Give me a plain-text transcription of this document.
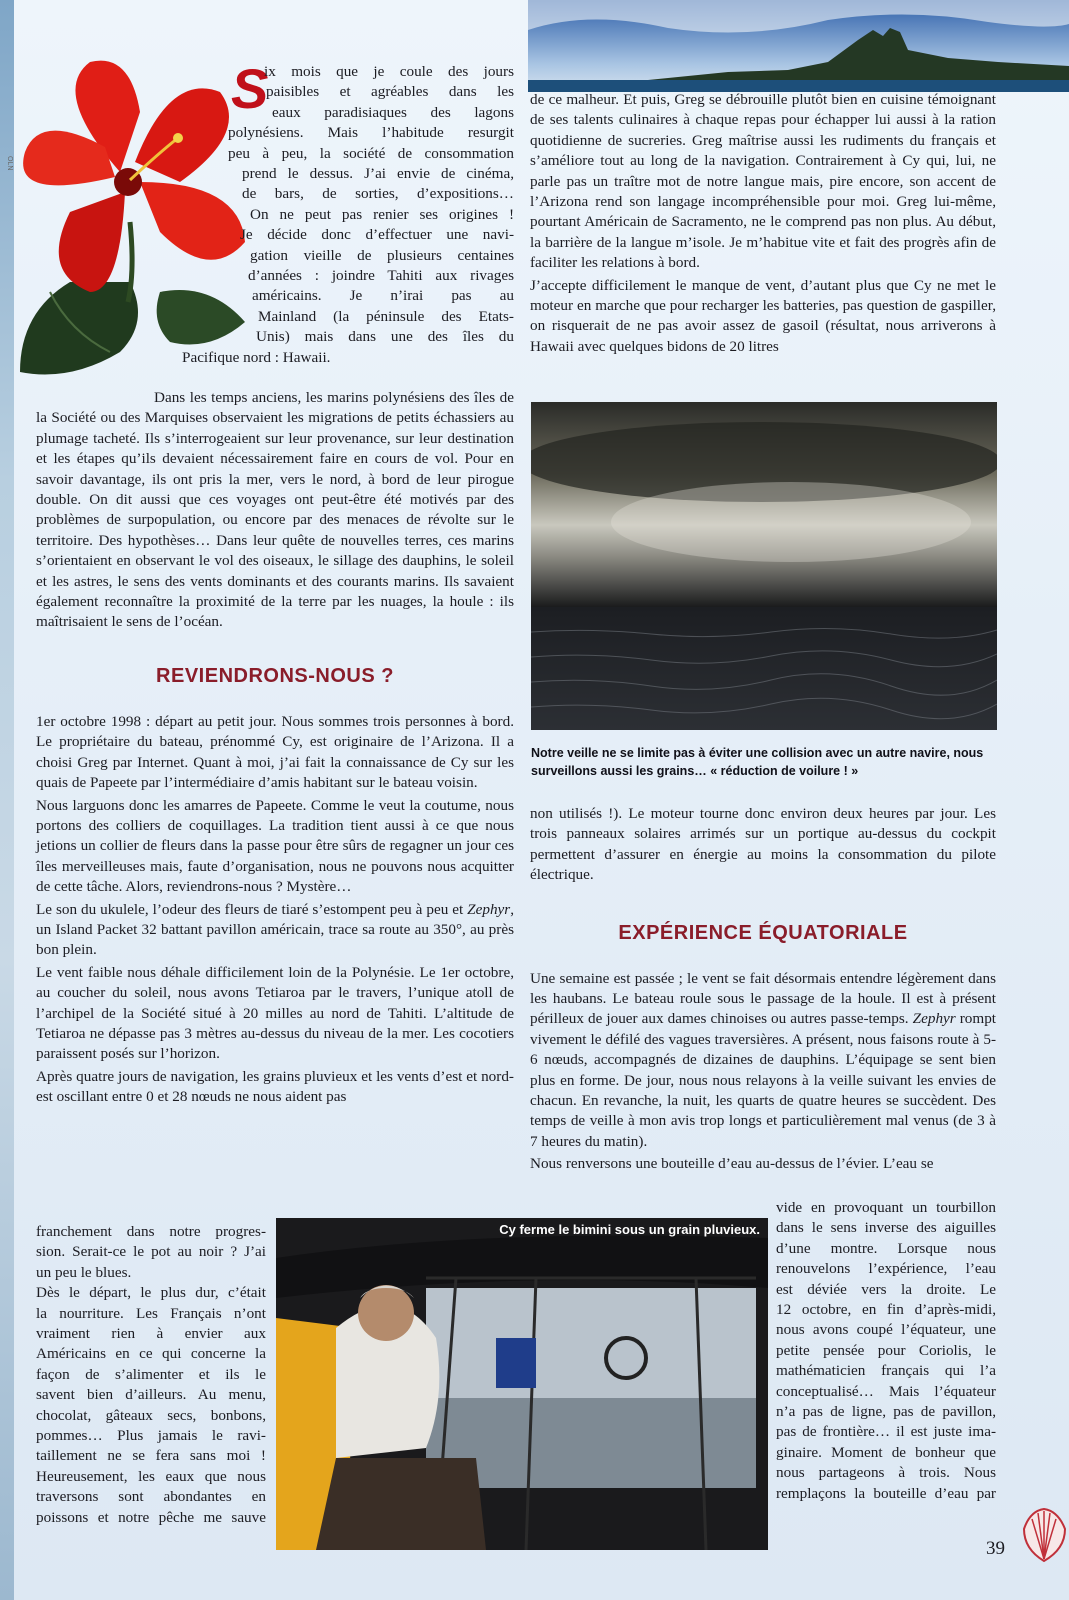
OLN
S
ix mois que je coule des jours
paisibles et agréables dans les
eaux paradisiaques des lagons
polynésiens. Mais l’habitude resurgit
peu à peu, la société de consommation
prend le dessus. J’ai envie de cinéma,
de bars, de sorties, d’expositions…
On ne peut pas renier ses origines !
Je décide donc d’effectuer une navi-
gation vieille de plusieurs centaines
d’années : joindre Tahiti aux rivages
américains. Je n’irai pas au
Mainland (la péninsule des Etats-
Unis) mais dans une des îles du
Pacifique nord : Hawaii.

Dans les temps anciens, les marins polynésiens des îles de la Société ou des Marquises observaient les migrations de petits échassiers au plumage tacheté. Ils s’interrogeaient sur leur provenance, sur leur destination et les étapes qu’ils devaient nécessairement faire en cours de vol. Pour en savoir davantage, ils ont pris la mer, vers le nord, à bord de leur pirogue double. On dit aussi que ces voyages ont peut-être été motivés par des problèmes de surpopulation, ou encore par des menaces de révolte sur le territoire. Des hypothèses… Dans leur quête de nouvelles terres, ces marins s’orientaient en observant le vol des oiseaux, le sillage des dauphins, le soleil et les astres, le sens des vents dominants et des courants marins. Ils savaient également reconnaître la proximité de la terre par les nuages, la houle : ils maîtrisaient le sens de l’océan.

REVIENDRONS-NOUS ?

1er octobre 1998 : départ au petit jour. Nous sommes trois personnes à bord. Le propriétaire du bateau, prénommé Cy, est originaire de l’Arizona. Il a choisi Greg par Internet. Quant à moi, j’ai fait la connaissance de Cy sur les quais de Papeete par l’intermédiaire d’amis habitant sur le bateau voisin.

Nous larguons donc les amarres de Papeete. Comme le veut la coutume, nous portons des colliers de coquillages. La tradition tient aussi à ce que nous jetions un collier de fleurs dans la passe pour être sûrs de regagner un jour ces îles merveilleuses mais, faute d’organisation, nous ne pouvons nous acquitter de cette tâche. Alors, reviendrons-nous ? Mystère…

Le son du ukulele, l’odeur des fleurs de tiaré s’estompent peu à peu et Zephyr, un Island Packet 32 battant pavillon américain, trace sa route au 350°, au près bon plein.

Le vent faible nous déhale difficilement loin de la Polynésie. Le 1er octobre, au coucher du soleil, nous avons Tetiaroa par le travers, l’unique atoll de l’archipel de la Société situé à 20 milles au nord de Tahiti. L’altitude de Tetiaroa ne dépasse pas 3 mètres au-dessus du niveau de la mer. Les cocotiers paraissent posés sur l’horizon.

Après quatre jours de navigation, les grains pluvieux et les vents d’est et nord-est oscillant entre 0 et 28 nœuds ne nous aident pas

franchement dans notre progres-
sion. Serait-ce le pot au noir ? J’ai
un peu le blues.
Dès le départ, le plus dur, c’était
la nourriture. Les Français n’ont
vraiment rien à envier aux
Américains en ce qui concerne la
façon de s’alimenter et ils le
savent bien d’ailleurs. Au menu,
chocolat, gâteaux secs, bonbons,
pommes… Plus jamais le ravi-
taillement ne se fera sans moi !
Heureusement, les eaux que nous
traversons sont abondantes en
poissons et notre pêche me sauve

de ce malheur. Et puis, Greg se débrouille plutôt bien en cuisine témoignant de ses talents culinaires à chaque repas pour échapper lui aussi à la ration quotidienne de sucreries. Greg maîtrise aussi les rudiments du français et s’améliore tout au long de la navigation. Contrairement à Cy qui, lui, ne parle pas un traître mot de notre langue mais, pire encore, son accent de l’Arizona rend son langage incompréhensible pour moi. Greg lui-même, pourtant Américain de Sacramento, ne le comprend pas non plus. Au début, la barrière de la langue m’isole. Je m’habitue vite et fait des progrès afin de faciliter les relations à bord.

J’accepte difficilement le manque de vent, d’autant plus que Cy ne met le moteur en marche que pour recharger les batteries, pas question de gaspiller, on risquerait de ne pas avoir assez de gasoil (résultat, nous arriverons à Hawaii avec quelques bidons de 20 litres

Notre veille ne se limite pas à éviter une collision avec un autre navire, nous surveillons aussi les grains… « réduction de voilure ! »

non utilisés !). Le moteur tourne donc environ deux heures par jour. Les trois panneaux solaires arrimés sur un portique au-dessus du cockpit permettent d’assurer en énergie au moins la consommation du pilote électrique.

EXPÉRIENCE ÉQUATORIALE

Une semaine est passée ; le vent se fait désormais entendre légèrement dans les haubans. Le bateau roule sous le passage de la houle. Il est à présent périlleux de jouer aux dames chinoises ou autres passe-temps. Zephyr rompt vivement le défilé des vagues traversières. A présent, nous faisons route à 5-6 nœuds, accompagnés de dizaines de dauphins. L’équipage se sent bien plus en forme. De jour, nous nous relayons à la veille suivant les envies de chacun. En revanche, la nuit, les quarts de quatre heures se succèdent. Des temps de veille à mon avis trop longs et particulièrement mal venus (de 3 à 7 heures du matin).

Nous renversons une bouteille d’eau au-dessus de l’évier. L’eau se

vide en provoquant un tourbillon
dans le sens inverse des aiguilles
d’une montre. Lorsque nous
renouvelons l’expérience, l’eau
est déviée vers la droite. Le
12 octobre, en fin d’après-midi,
nous avons coupé l’équateur, une
petite pensée pour Coriolis, le
mathématicien français qui l’a
conceptualisé… Mais l’équateur
n’a pas de ligne, pas de pavillon,
pas de frontière… il est juste ima-
ginaire. Moment de bonheur que
nous partageons à trois. Nous
remplaçons la bouteille d’eau par
Cy ferme le bimini sous un grain pluvieux.
39
